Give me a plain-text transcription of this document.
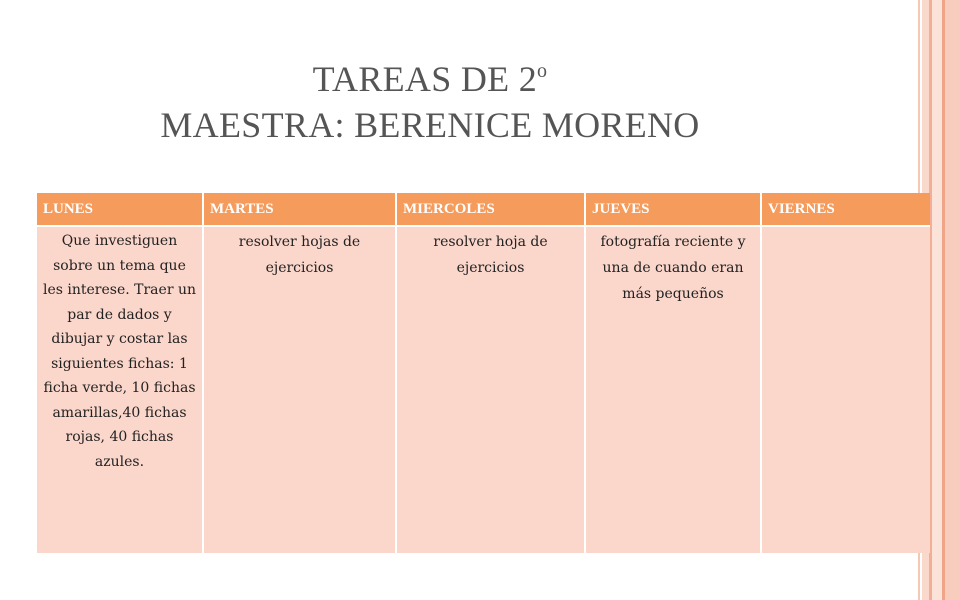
TAREAS DE 2$^o$
MAESTRA: BERENICE MORENO
LUNES	MARTES	MIERCOLES	JUEVES	VIERNES
Que investiguen sobre un tema que les interese. Traer un par de dados y dibujar y costar las siguientes fichas: 1 ficha verde, 10 fichas amarillas,40 fichas rojas, 40 fichas azules.	resolver hojas de ejercicios	resolver hoja de ejercicios	fotografía reciente y una de cuando eran más pequeños	
